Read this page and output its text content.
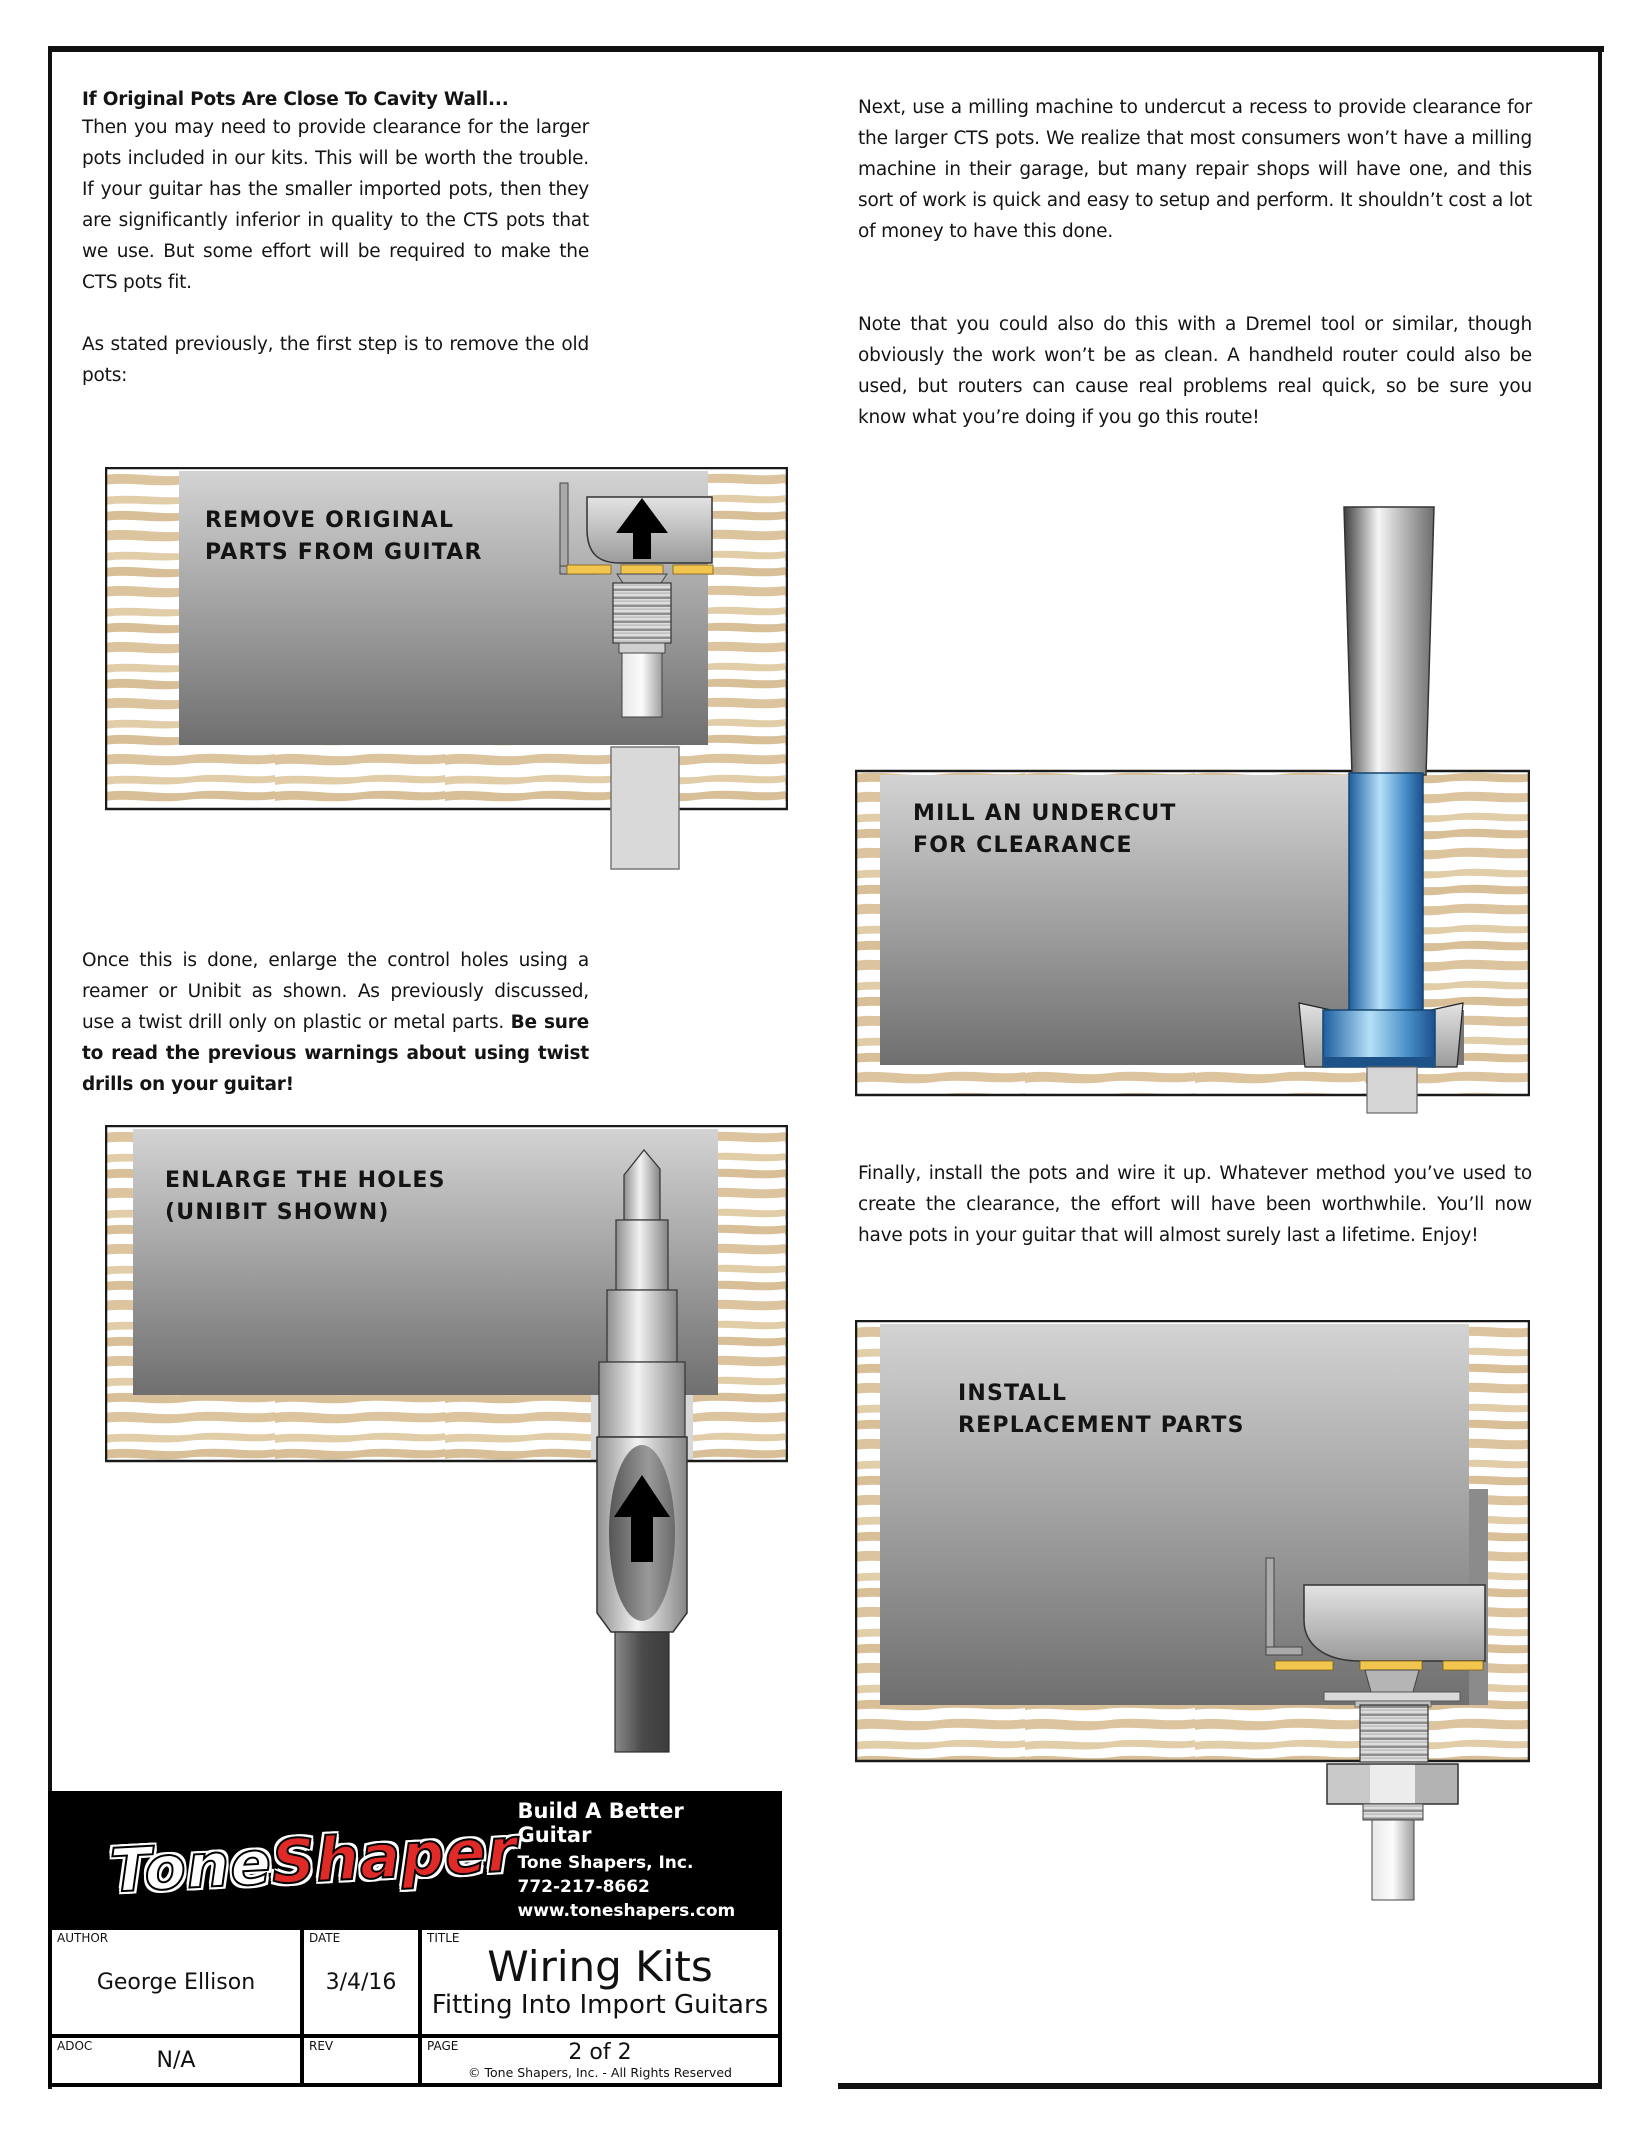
If Original Pots Are Close To Cavity Wall...
Then you may need to provide clearance for the larger pots included in our kits. This will be worth the trouble. If your guitar has the smaller imported pots, then they are significantly inferior in quality to the CTS pots that we use. But some effort will be required to make the CTS pots fit.
As stated previously, the first step is to remove the old pots:
REMOVE ORIGINAL
PARTS FROM GUITAR
Once this is done, enlarge the control holes using a reamer or Unibit as shown. As previously discussed, use a twist drill only on plastic or metal parts. Be sure to read the previous warnings about using twist drills on your guitar!
ENLARGE THE HOLES
(UNIBIT SHOWN)
Next, use a milling machine to undercut a recess to provide clearance for the larger CTS pots. We realize that most consumers won’t have a milling machine in their garage, but many repair shops will have one, and this sort of work is quick and easy to setup and perform. It shouldn’t cost a lot of money to have this done.
Note that you could also do this with a Dremel tool or similar, though obviously the work won’t be as clean. A handheld router could also be used, but routers can cause real problems real quick, so be sure you know what you’re doing if you go this route!
MILL AN UNDERCUT
FOR CLEARANCE
Finally, install the pots and wire it up. Whatever method you’ve used to create the clearance, the effort will have been worthwhile. You’ll now have pots in your guitar that will almost surely last a lifetime. Enjoy!
INSTALL
REPLACEMENT PARTS
ToneShaper
Build A Better Guitar
Tone Shapers, Inc.
772-217-8662
www.toneshapers.com
AUTHOR
George Ellison
DATE
3/4/16
TITLE
Wiring Kits
Fitting Into Import Guitars
ADOC
N/A
REV	PAGE	2 of 2
© Tone Shapers, Inc. - All Rights Reserved
